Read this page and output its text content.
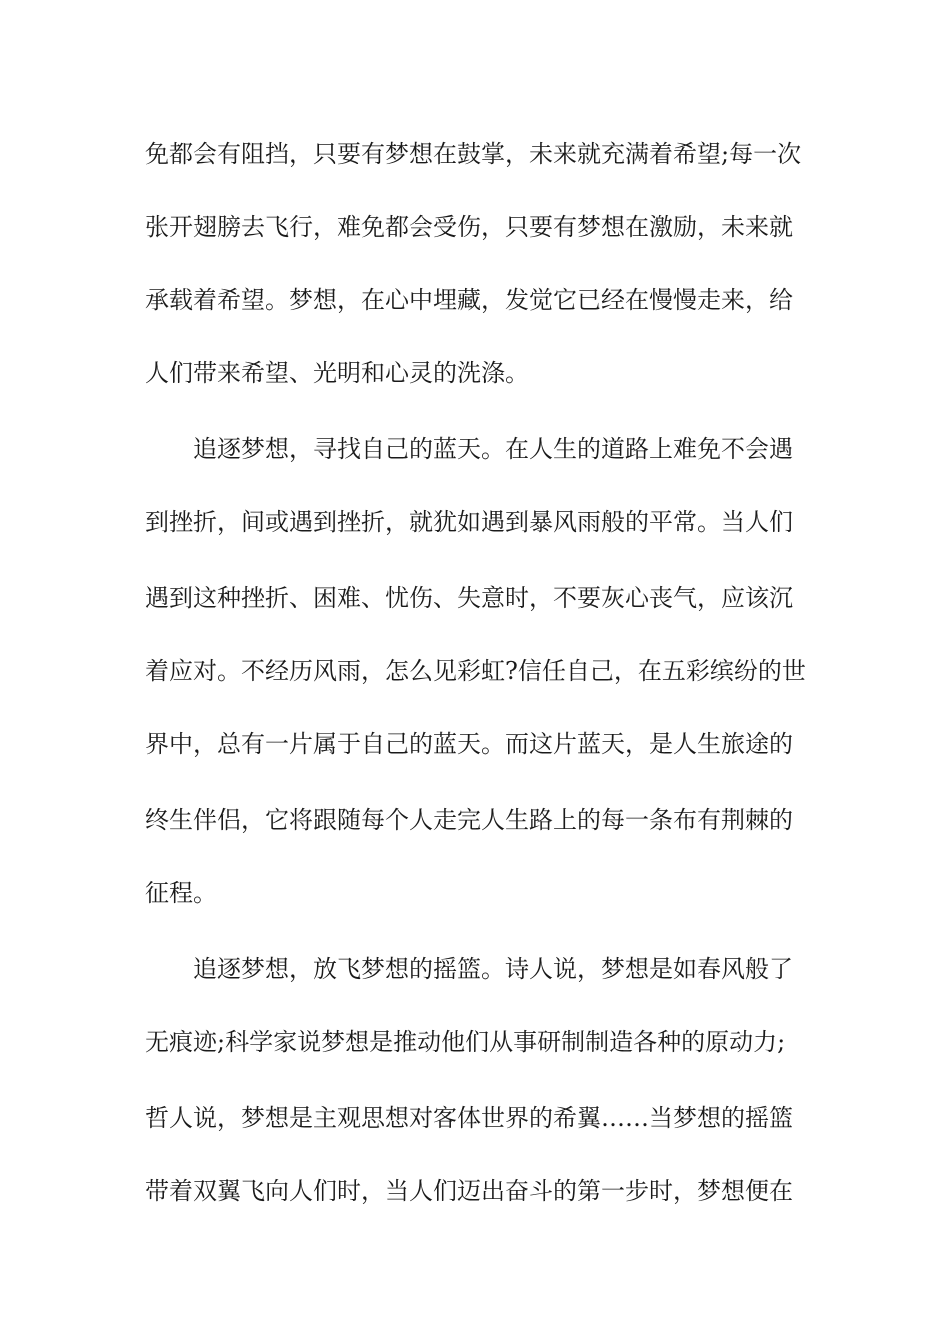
免都会有阻挡，只要有梦想在鼓掌，未来就充满着希望;每一次
张开翅膀去飞行，难免都会受伤，只要有梦想在激励，未来就
承载着希望。梦想，在心中埋藏，发觉它已经在慢慢走来，给
人们带来希望、光明和心灵的洗涤。
追逐梦想，寻找自己的蓝天。在人生的道路上难免不会遇
到挫折，间或遇到挫折，就犹如遇到暴风雨般的平常。当人们
遇到这种挫折、困难、忧伤、失意时，不要灰心丧气，应该沉
着应对。不经历风雨，怎么见彩虹?信任自己，在五彩缤纷的世
界中，总有一片属于自己的蓝天。而这片蓝天，是人生旅途的
终生伴侣，它将跟随每个人走完人生路上的每一条布有荆棘的
征程。
追逐梦想，放飞梦想的摇篮。诗人说，梦想是如春风般了
无痕迹;科学家说梦想是推动他们从事研制制造各种的原动力;
哲人说，梦想是主观思想对客体世界的希翼……当梦想的摇篮
带着双翼飞向人们时，当人们迈出奋斗的第一步时，梦想便在
